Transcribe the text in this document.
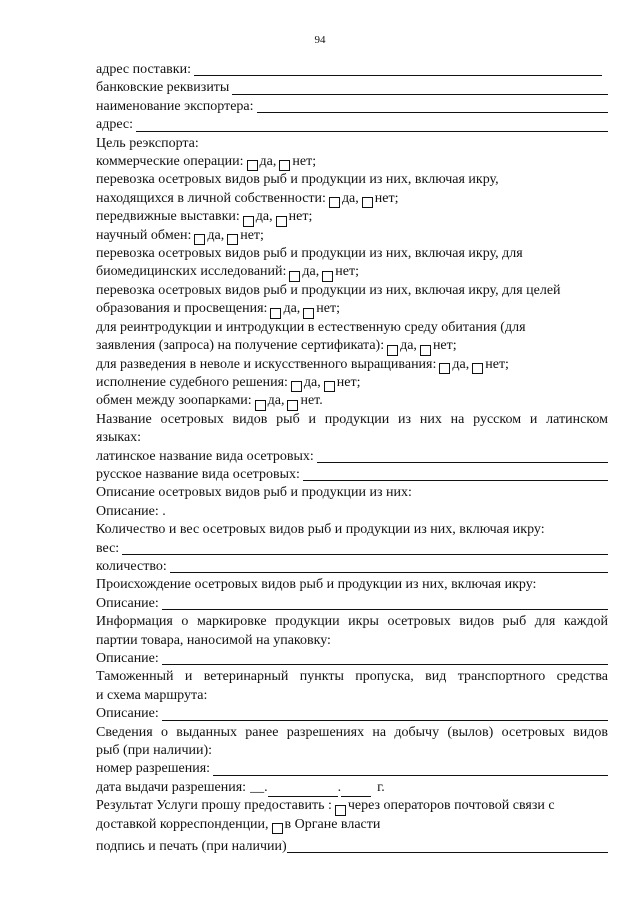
94
адрес поставки:
банковские реквизиты
наименование экспортера:
адрес:
Цель реэкспорта:
коммерческие операции: да, нет;
перевозка осетровых видов рыб и продукции из них, включая икру,
находящихся в личной собственности: да, нет;
передвижные выставки: да, нет;
научный обмен: да, нет;
перевозка осетровых видов рыб и продукции из них, включая икру, для
биомедицинских исследований: да, нет;
перевозка осетровых видов рыб и продукции из них, включая икру, для целей
образования и просвещения: да, нет;
для реинтродукции и интродукции в естественную среду обитания (для
заявления (запроса) на получение сертификата): да, нет;
для разведения в неволе и искусственного выращивания: да, нет;
исполнение судебного решения: да, нет;
обмен между зоопарками: да, нет.
Название осетровых видов рыб и продукции из них на русском и латинском
языках:
латинское название вида осетровых:
русское название вида осетровых:
Описание осетровых видов рыб и продукции из них:
Описание: .
Количество и вес осетровых видов рыб и продукции из них, включая икру:
вес:
количество:
Происхождение осетровых видов рыб и продукции из них, включая икру:
Описание:
Информация о маркировке продукции икры осетровых видов рыб для каждой
партии товара, наносимой на упаковку:
Описание:
Таможенный и ветеринарный пункты пропуска, вид транспортного средства
и схема маршрута:
Описание:
Сведения о выданных ранее разрешениях на добычу (вылов) осетровых видов
рыб (при наличии):
номер разрешения:
дата выдачи разрешения: __.	.	г.
Результат Услуги прошу предоставить : через операторов почтовой связи с
доставкой корреспонденции, в Органе власти
подпись и печать (при наличии)
